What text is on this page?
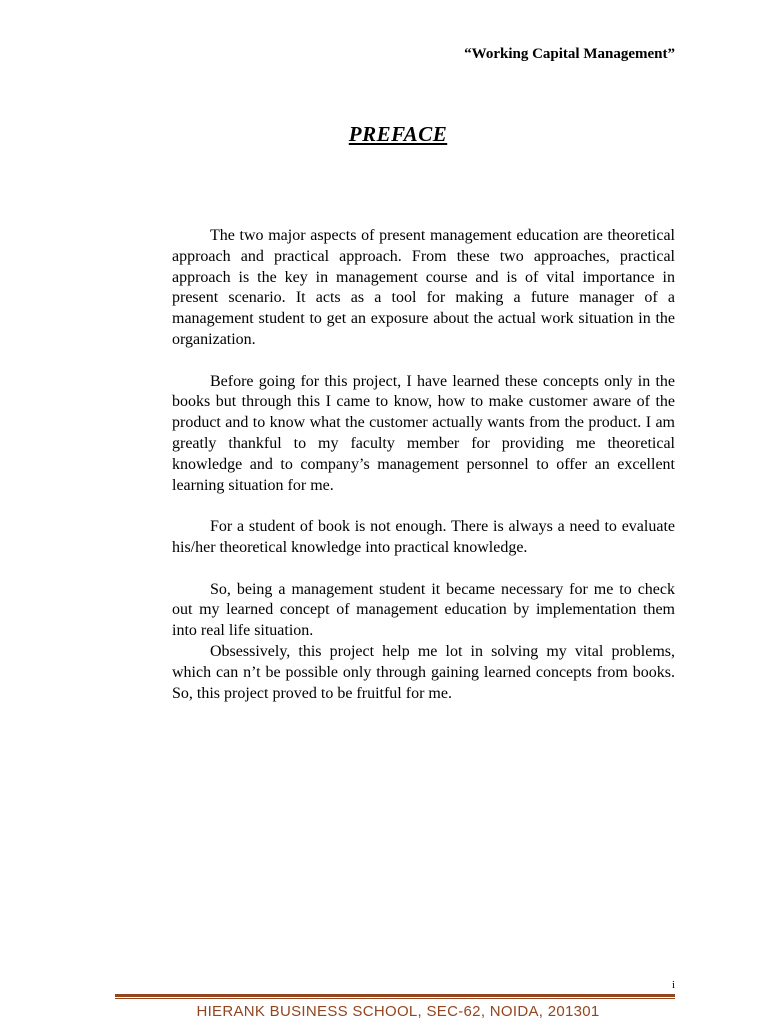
“Working Capital Management”
PREFACE

The two major aspects of present management education are theoretical approach and practical approach. From these two approaches, practical approach is the key in management course and is of vital importance in present scenario. It acts as a tool for making a future manager of a management student to get an exposure about the actual work situation in the organization.

Before going for this project, I have learned these concepts only in the books but through this I came to know, how to make customer aware of the product and to know what the customer actually wants from the product. I am greatly thankful to my faculty member for providing me theoretical knowledge and to company’s management personnel to offer an excellent learning situation for me.

For a student of book is not enough. There is always a need to evaluate his/her theoretical knowledge into practical knowledge.

So, being a management student it became necessary for me to check out my learned concept of management education by implementation them into real life situation.

Obsessively, this project help me lot in solving my vital problems, which can n’t be possible only through gaining learned concepts from books. So, this project proved to be fruitful for me.

i
HIERANK BUSINESS SCHOOL, SEC-62, NOIDA, 201301
